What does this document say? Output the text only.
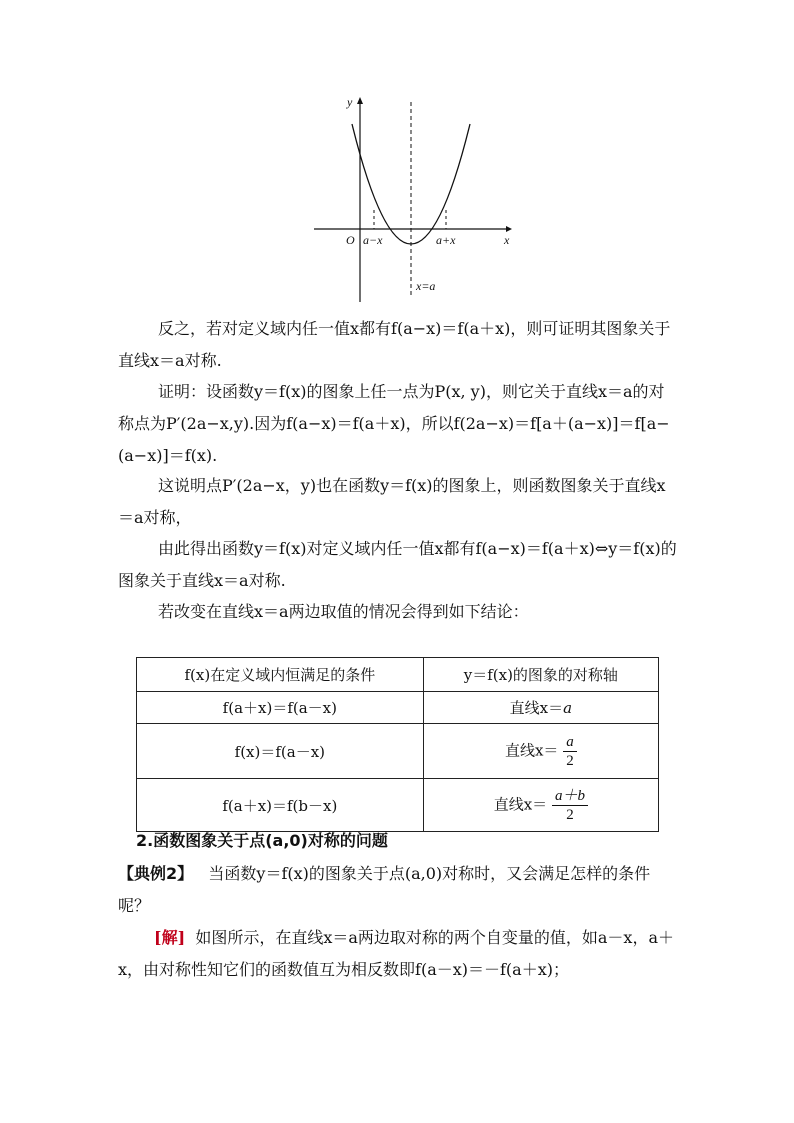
y
x
O a−x	a+x
x=a
反之，若对定义域内任一值x都有f(a−x)＝f(a＋x)，则可证明其图象关于直线x＝a对称.
证明：设函数y＝f(x)的图象上任一点为P(x, y)，则它关于直线x＝a的对称点为P′(2a−x,y).因为f(a−x)＝f(a＋x)，所以f(2a−x)＝f[a＋(a−x)]＝f[a−(a−x)]＝f(x).
这说明点P′(2a−x，y)也在函数y＝f(x)的图象上，则函数图象关于直线x＝a对称，
由此得出函数y＝f(x)对定义域内任一值x都有f(a−x)＝f(a＋x)⇔y＝f(x)的图象关于直线x＝a对称.
若改变在直线x＝a两边取值的情况会得到如下结论：
f(x)在定义域内恒满足的条件	y＝f(x)的图象的对称轴
f(a＋x)＝f(a－x)	直线x＝a
f(x)＝f(a－x)	直线$x= \frac{a}{2}$

f(a＋x)＝f(b－x)	直线$x= \frac{a+b}{2}$
2.函数图象关于点(a,0)对称的问题
【典例2】 当函数y＝f(x)的图象关于点(a,0)对称时，又会满足怎样的条件呢？
[解] 如图所示，在直线x＝a两边取对称的两个自变量的值，如a－x，a＋x，由对称性知它们的函数值互为相反数即f(a－x)＝－f(a＋x)；
